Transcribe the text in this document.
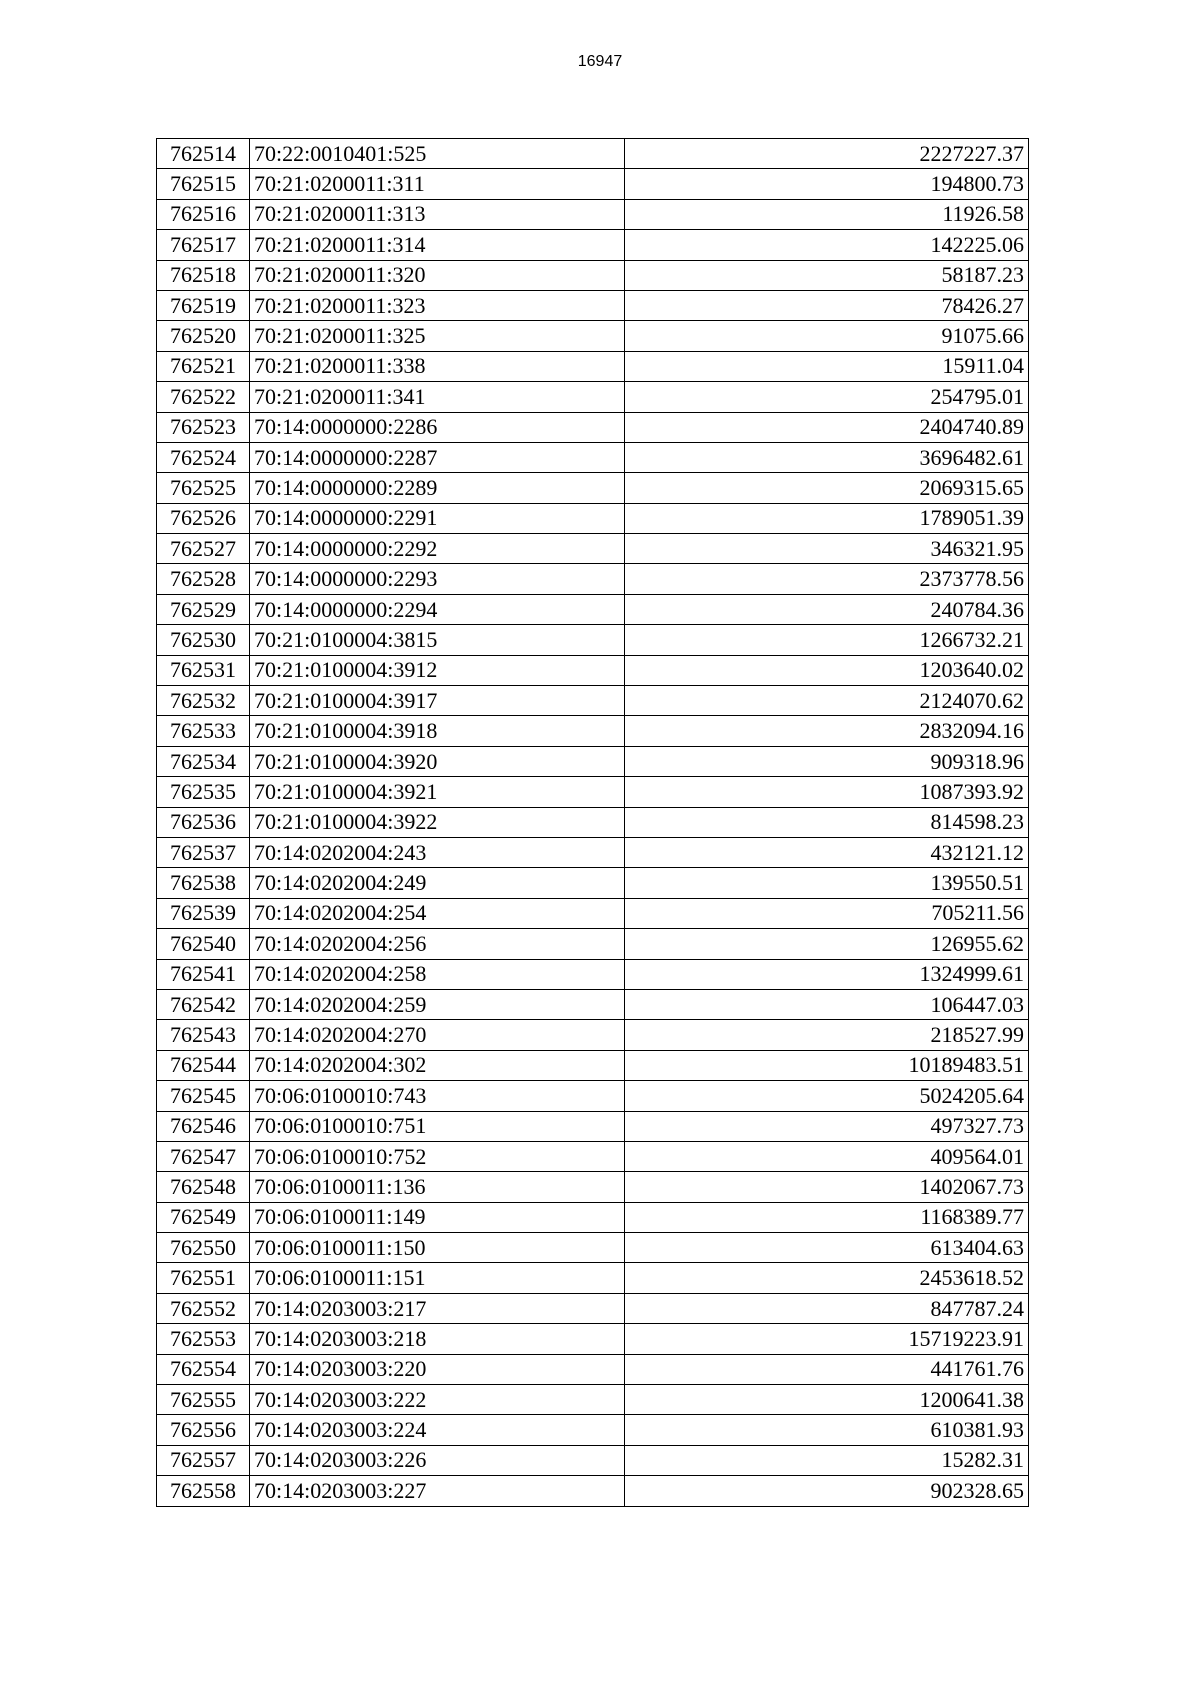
16947
762514	70:22:0010401:525	2227227.37
762515	70:21:0200011:311	194800.73
762516	70:21:0200011:313	11926.58
762517	70:21:0200011:314	142225.06
762518	70:21:0200011:320	58187.23
762519	70:21:0200011:323	78426.27
762520	70:21:0200011:325	91075.66
762521	70:21:0200011:338	15911.04
762522	70:21:0200011:341	254795.01
762523	70:14:0000000:2286	2404740.89
762524	70:14:0000000:2287	3696482.61
762525	70:14:0000000:2289	2069315.65
762526	70:14:0000000:2291	1789051.39
762527	70:14:0000000:2292	346321.95
762528	70:14:0000000:2293	2373778.56
762529	70:14:0000000:2294	240784.36
762530	70:21:0100004:3815	1266732.21
762531	70:21:0100004:3912	1203640.02
762532	70:21:0100004:3917	2124070.62
762533	70:21:0100004:3918	2832094.16
762534	70:21:0100004:3920	909318.96
762535	70:21:0100004:3921	1087393.92
762536	70:21:0100004:3922	814598.23
762537	70:14:0202004:243	432121.12
762538	70:14:0202004:249	139550.51
762539	70:14:0202004:254	705211.56
762540	70:14:0202004:256	126955.62
762541	70:14:0202004:258	1324999.61
762542	70:14:0202004:259	106447.03
762543	70:14:0202004:270	218527.99
762544	70:14:0202004:302	10189483.51
762545	70:06:0100010:743	5024205.64
762546	70:06:0100010:751	497327.73
762547	70:06:0100010:752	409564.01
762548	70:06:0100011:136	1402067.73
762549	70:06:0100011:149	1168389.77
762550	70:06:0100011:150	613404.63
762551	70:06:0100011:151	2453618.52
762552	70:14:0203003:217	847787.24
762553	70:14:0203003:218	15719223.91
762554	70:14:0203003:220	441761.76
762555	70:14:0203003:222	1200641.38
762556	70:14:0203003:224	610381.93
762557	70:14:0203003:226	15282.31
762558	70:14:0203003:227	902328.65
